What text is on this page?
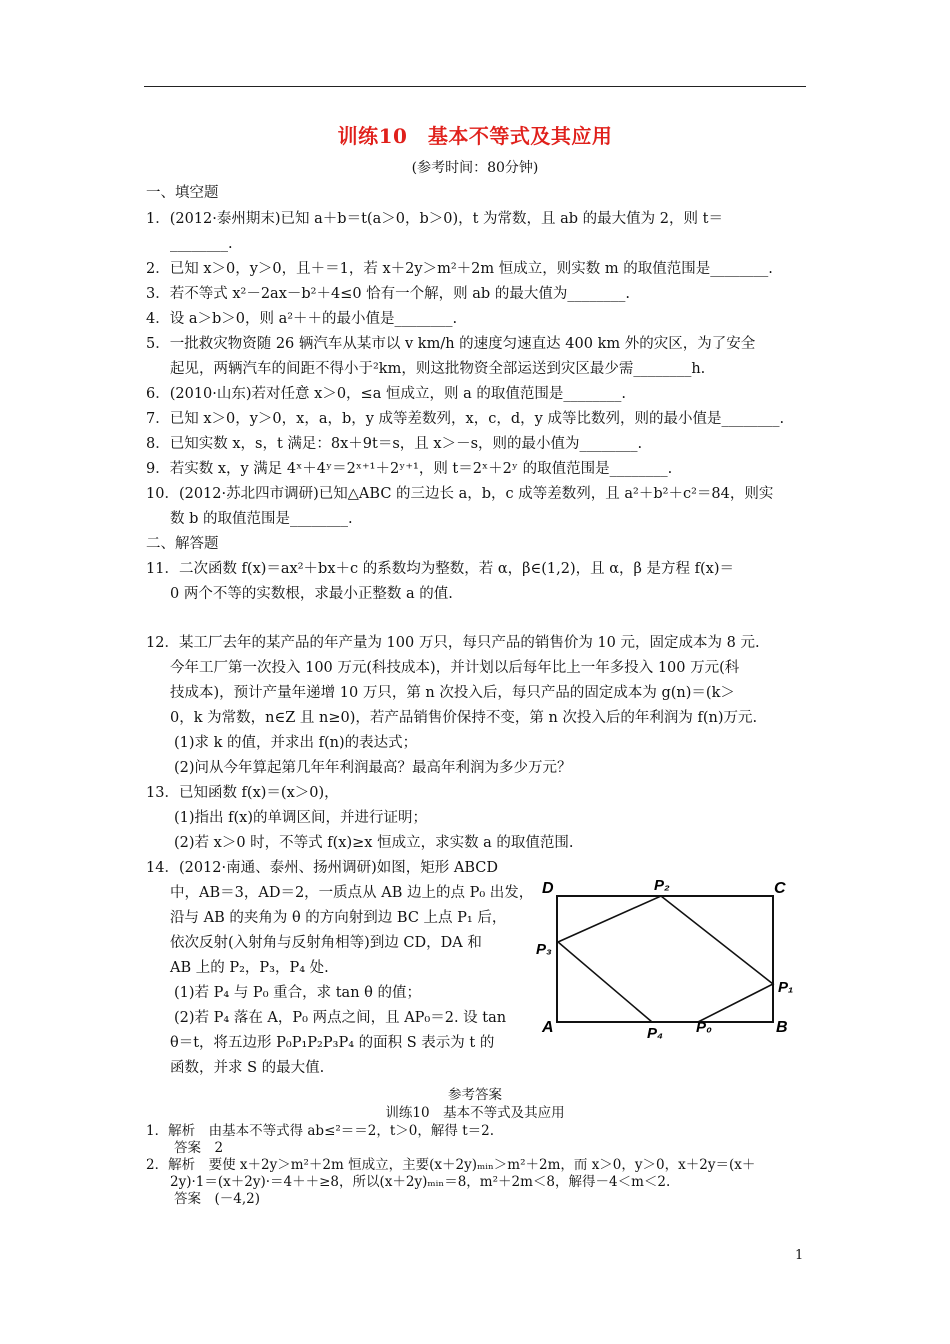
训练10　基本不等式及其应用
(参考时间：80分钟)
一、填空题
1．(2012·泰州期末)已知 a＋b＝t(a＞0，b＞0)，t 为常数，且 ab 的最大值为 2，则 t＝
________.
2．已知 x＞0，y＞0，且＋＝1，若 x＋2y＞m²＋2m 恒成立，则实数 m 的取值范围是________.
3．若不等式 x²－2ax－b²＋4≤0 恰有一个解，则 ab 的最大值为________.
4．设 a＞b＞0，则 a²＋＋的最小值是________.
5．一批救灾物资随 26 辆汽车从某市以 v km/h 的速度匀速直达 400 km 外的灾区，为了安全
起见，两辆汽车的间距不得小于²km，则这批物资全部运送到灾区最少需________h.
6．(2010·山东)若对任意 x＞0，≤a 恒成立，则 a 的取值范围是________.
7．已知 x＞0，y＞0，x，a，b，y 成等差数列，x，c，d，y 成等比数列，则的最小值是________.
8．已知实数 x，s，t 满足：8x＋9t＝s，且 x＞－s，则的最小值为________.
9．若实数 x，y 满足 4ˣ＋4ʸ＝2ˣ⁺¹＋2ʸ⁺¹，则 t＝2ˣ＋2ʸ 的取值范围是________.
10．(2012·苏北四市调研)已知△ABC 的三边长 a，b，c 成等差数列，且 a²＋b²＋c²＝84，则实
数 b 的取值范围是________.
二、解答题
11．二次函数 f(x)＝ax²＋bx＋c 的系数均为整数，若 α，β∈(1,2)，且 α，β 是方程 f(x)＝
0 两个不等的实数根，求最小正整数 a 的值.
12．某工厂去年的某产品的年产量为 100 万只，每只产品的销售价为 10 元，固定成本为 8 元.
今年工厂第一次投入 100 万元(科技成本)，并计划以后每年比上一年多投入 100 万元(科
技成本)，预计产量年递增 10 万只，第 n 次投入后，每只产品的固定成本为 g(n)＝(k＞
0，k 为常数，n∈Z 且 n≥0)，若产品销售价保持不变，第 n 次投入后的年利润为 f(n)万元.
(1)求 k 的值，并求出 f(n)的表达式；
(2)问从今年算起第几年年利润最高？最高年利润为多少万元？
13．已知函数 f(x)＝(x＞0)，
(1)指出 f(x)的单调区间，并进行证明；
(2)若 x＞0 时，不等式 f(x)≥x 恒成立，求实数 a 的取值范围.
14．(2012·南通、泰州、扬州调研)如图，矩形 ABCD
中，AB＝3，AD＝2，一质点从 AB 边上的点 P₀ 出发，
沿与 AB 的夹角为 θ 的方向射到边 BC 上点 P₁ 后，
依次反射(入射角与反射角相等)到边 CD，DA 和
AB 上的 P₂，P₃，P₄ 处.
(1)若 P₄ 与 P₀ 重合，求 tan θ 的值；
(2)若 P₄ 落在 A，P₀ 两点之间，且 AP₀＝2. 设 tan
θ＝t，将五边形 P₀P₁P₂P₃P₄ 的面积 S 表示为 t 的
函数，并求 S 的最大值.
D	P₂	C
P₃
P₁
A	P₄ P₀	B
参考答案
训练10　基本不等式及其应用
1．解析　由基本不等式得 ab≤²＝＝2，t＞0，解得 t＝2.
答案　2
2．解析　要使 x＋2y＞m²＋2m 恒成立，主要(x＋2y)ₘᵢₙ＞m²＋2m，而 x＞0，y＞0，x＋2y＝(x＋
2y)·1＝(x＋2y)·＝4＋＋≥8，所以(x＋2y)ₘᵢₙ＝8，m²＋2m＜8，解得－4＜m＜2.
答案　(－4,2)
1
